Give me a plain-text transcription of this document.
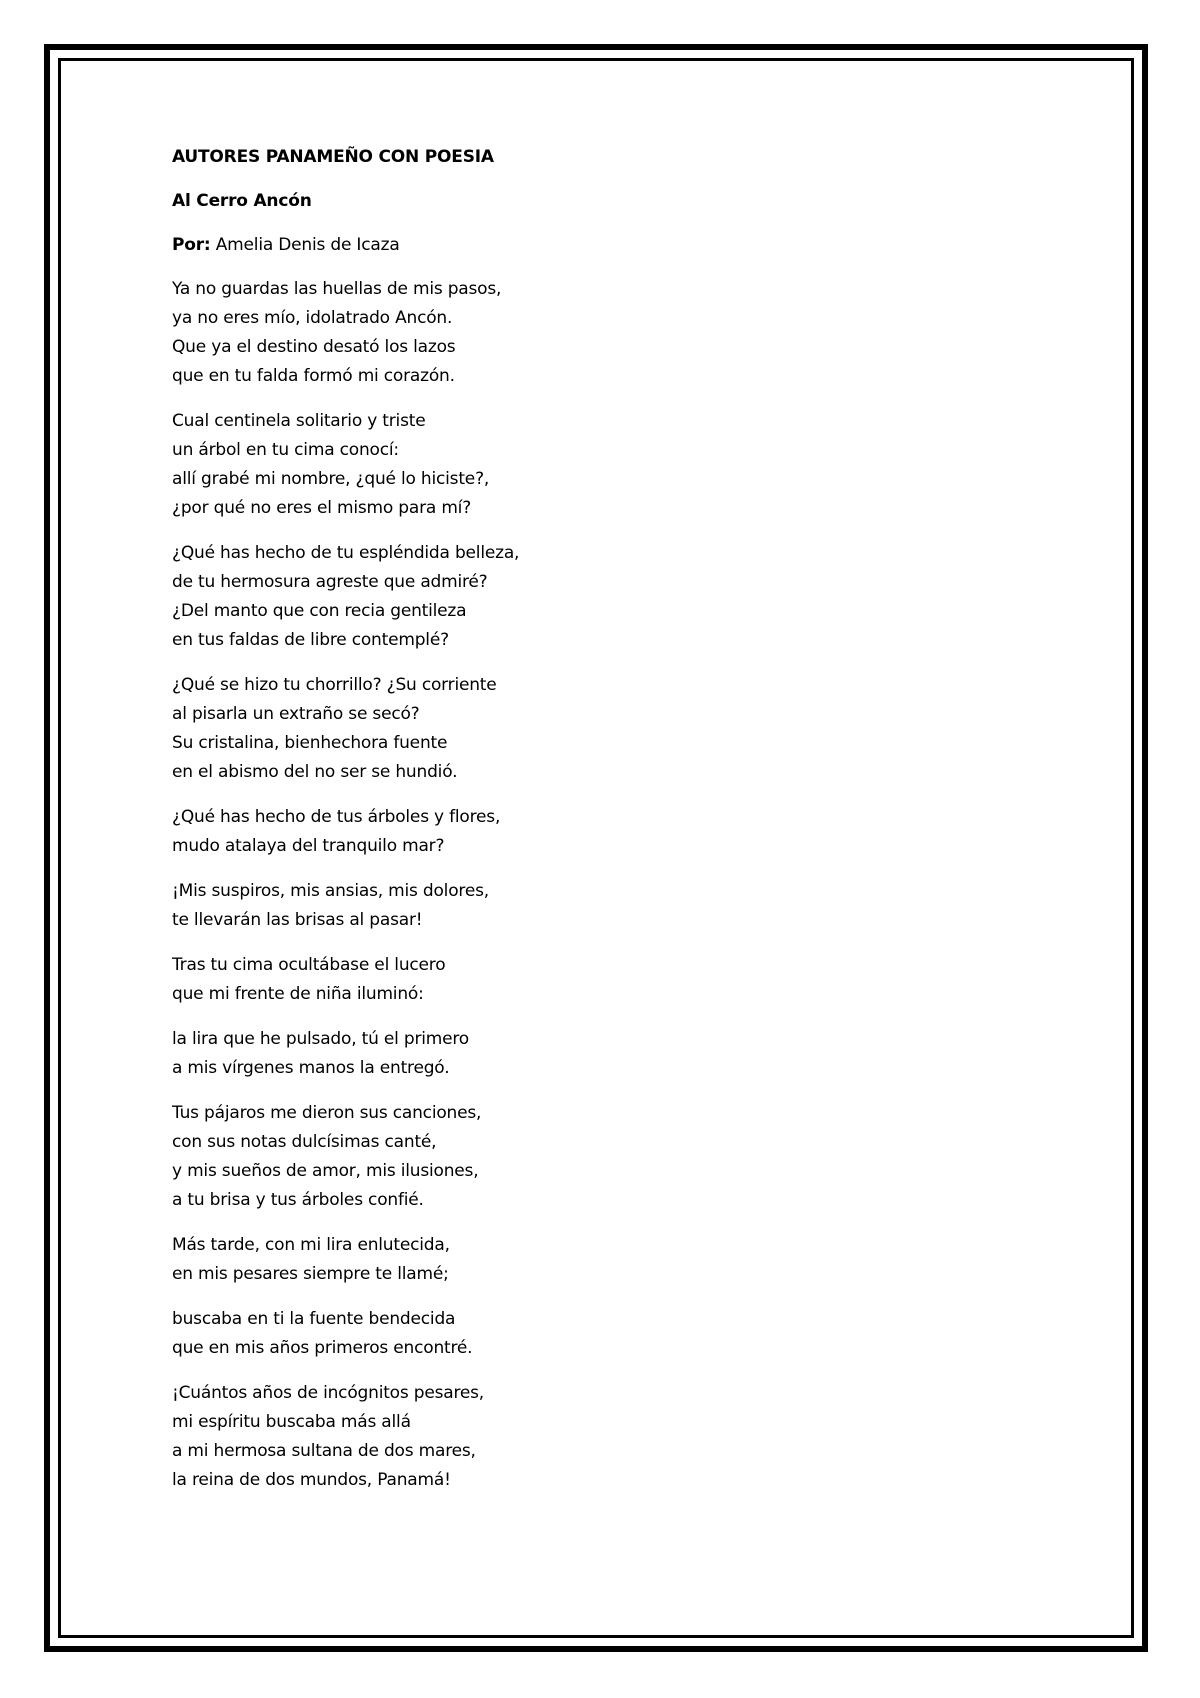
AUTORES PANAMEÑO CON POESIA
Al Cerro Ancón
Por: Amelia Denis de Icaza
Ya no guardas las huellas de mis pasos,
ya no eres mío, idolatrado Ancón.
Que ya el destino desató los lazos
que en tu falda formó mi corazón.
Cual centinela solitario y triste
un árbol en tu cima conocí:
allí grabé mi nombre, ¿qué lo hiciste?,
¿por qué no eres el mismo para mí?
¿Qué has hecho de tu espléndida belleza,
de tu hermosura agreste que admiré?
¿Del manto que con recia gentileza
en tus faldas de libre contemplé?
¿Qué se hizo tu chorrillo? ¿Su corriente
al pisarla un extraño se secó?
Su cristalina, bienhechora fuente
en el abismo del no ser se hundió.
¿Qué has hecho de tus árboles y flores,
mudo atalaya del tranquilo mar?
¡Mis suspiros, mis ansias, mis dolores,
te llevarán las brisas al pasar!
Tras tu cima ocultábase el lucero
que mi frente de niña iluminó:
la lira que he pulsado, tú el primero
a mis vírgenes manos la entregó.
Tus pájaros me dieron sus canciones,
con sus notas dulcísimas canté,
y mis sueños de amor, mis ilusiones,
a tu brisa y tus árboles confié.
Más tarde, con mi lira enlutecida,
en mis pesares siempre te llamé;
buscaba en ti la fuente bendecida
que en mis años primeros encontré.
¡Cuántos años de incógnitos pesares,
mi espíritu buscaba más allá
a mi hermosa sultana de dos mares,
la reina de dos mundos, Panamá!
